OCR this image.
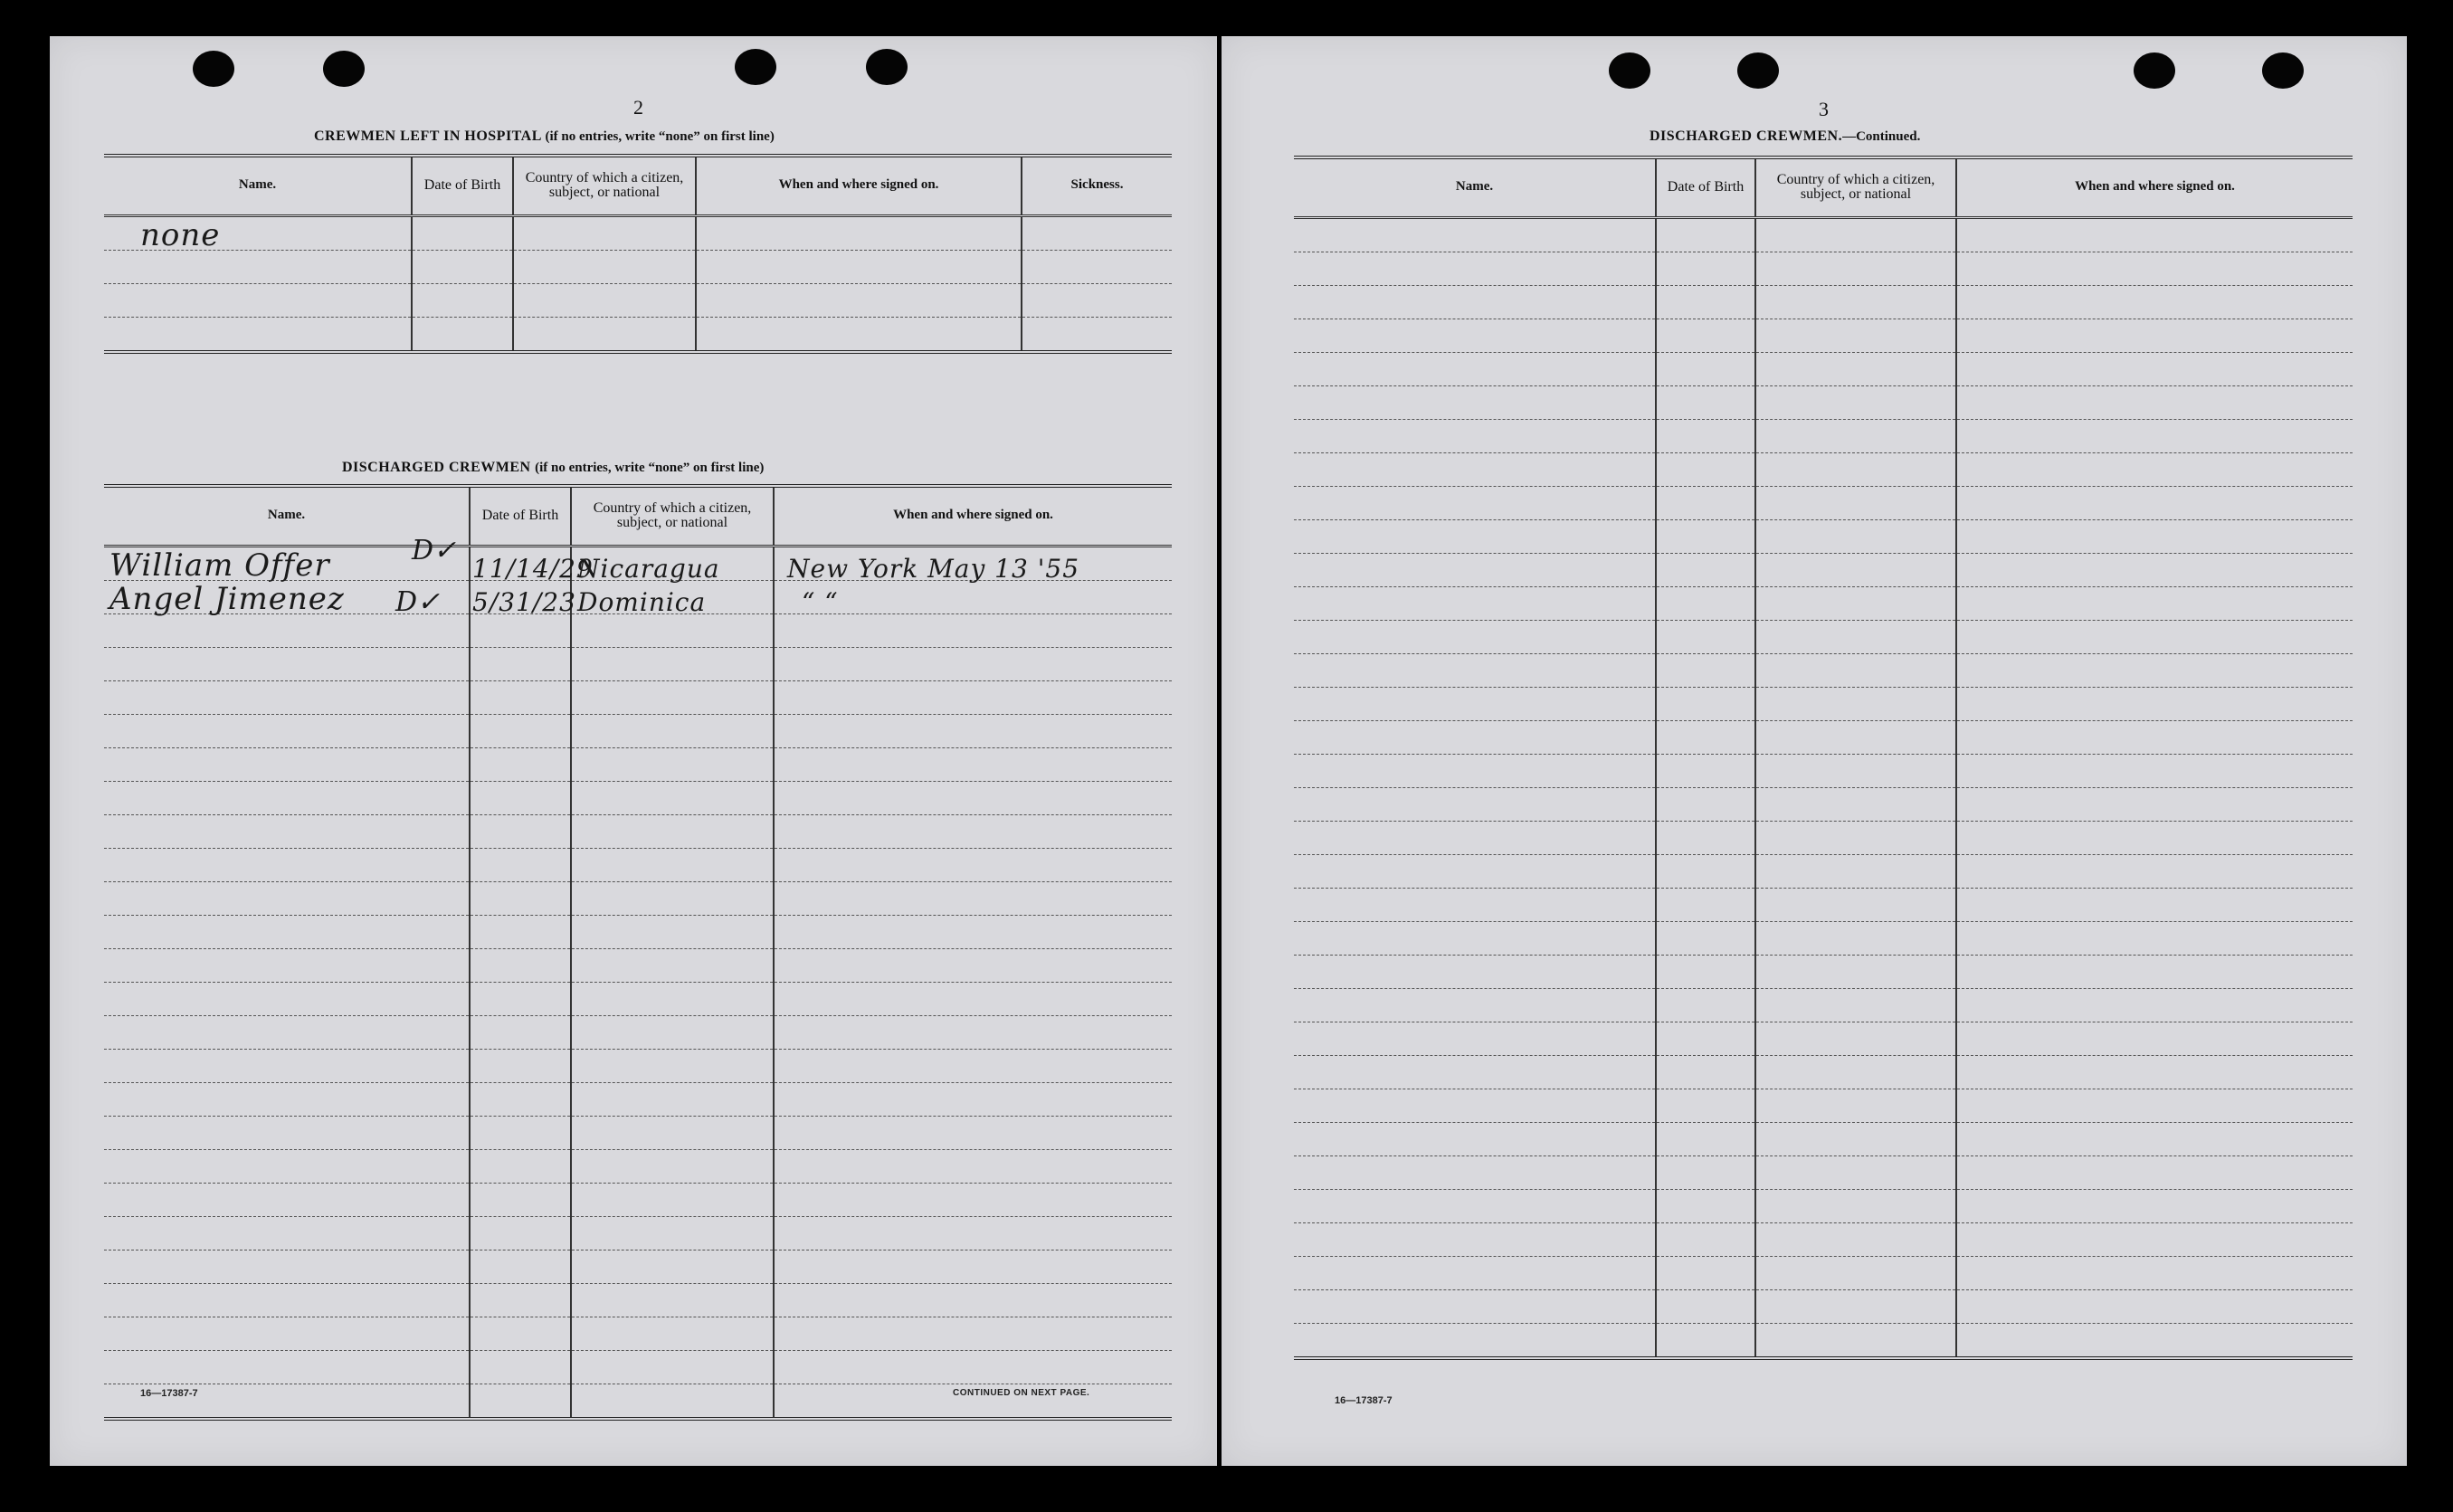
2
CREWMEN LEFT IN HOSPITAL (if no entries, write “none” on first line)
Name.	Date of Birth	Country of which a citizen, subject, or national	When and where signed on.	Sickness.

none				

DISCHARGED CREWMEN (if no entries, write “none” on first line)
Name.	Date of Birth	Country of which a citizen, subject, or national	When and where signed on.

William Offer D✓	11/14/29	Nicaragua	New York May 13 '55

Angel Jimenez D✓	5/31/23	Dominica	“ “

16—17387-7	CONTINUED ON NEXT PAGE.
3
DISCHARGED CREWMEN.—Continued.
Name.	Date of Birth	Country of which a citizen, subject, or national	When and where signed on.

16—17387-7
